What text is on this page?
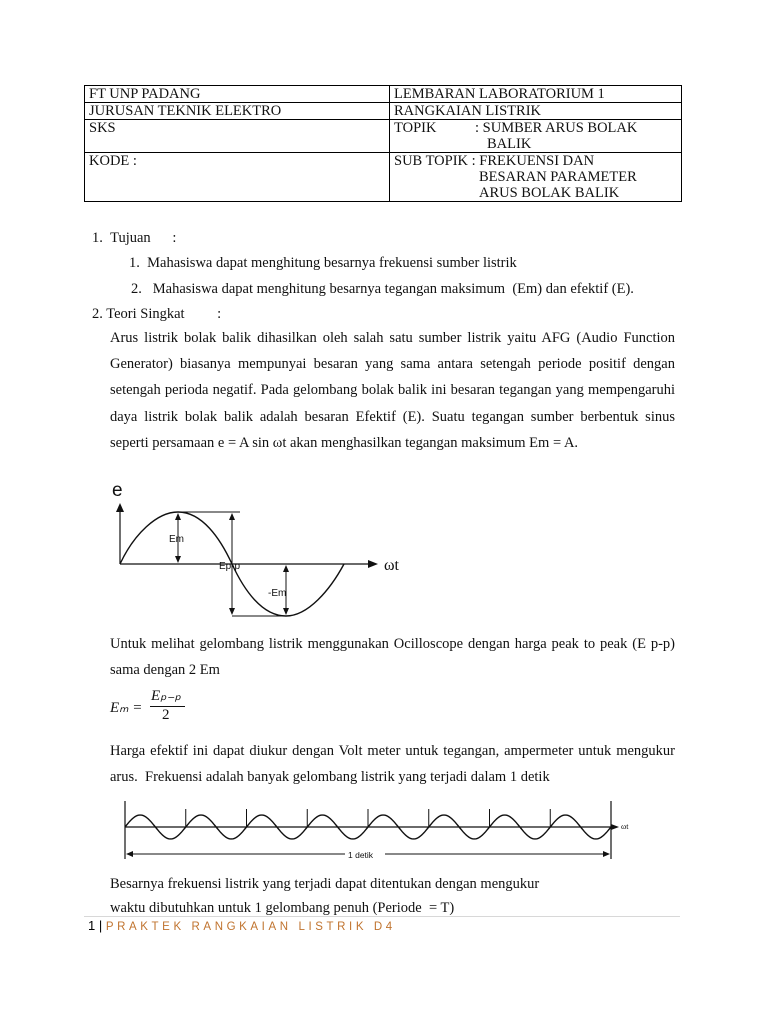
FT UNP PADANG	LEMBARAN LABORATORIUM 1
JURUSAN TEKNIK ELEKTRO	RANGKAIAN LISTRIK
SKS	TOPIK : SUMBER ARUS BOLAK
BALIK

KODE :	SUB TOPIK : FREKUENSI DAN
BESARAN PARAMETER
ARUS BOLAK BALIK
1.  Tujuan      :
1.  Mahasiswa dapat menghitung besarnya frekuensi sumber listrik
2.   Mahasiswa dapat menghitung besarnya tegangan maksimum  (Em) dan efektif (E).
2. Teori Singkat         :
Arus listrik bolak balik dihasilkan oleh salah satu sumber listrik yaitu AFG (Audio Function Generator) biasanya mempunyai besaran yang sama antara setengah periode positif dengan setengah perioda negatif. Pada gelombang bolak balik ini besaran tegangan yang mempengaruhi daya listrik bolak balik adalah besaran Efektif (E). Suatu tegangan sumber berbentuk sinus seperti persamaan e = A sin ωt akan menghasilkan tegangan maksimum Em = A.
e
ωt
Em
Ep-p
-Em
Untuk melihat gelombang listrik menggunakan Ocilloscope dengan harga peak to peak (E p-p) sama dengan 2 Em
Eₘ =
Eₚ₋ₚ
2
Harga efektif ini dapat diukur dengan Volt meter untuk tegangan, ampermeter untuk mengukur arus.  Frekuensi adalah banyak gelombang listrik yang terjadi dalam 1 detik
ωt
1 detik
Besarnya frekuensi listrik yang terjadi dapat ditentukan dengan mengukur
waktu dibutuhkan untuk 1 gelombang penuh (Periode  = T)
1 | PRAKTEK RANGKAIAN LISTRIK D4
